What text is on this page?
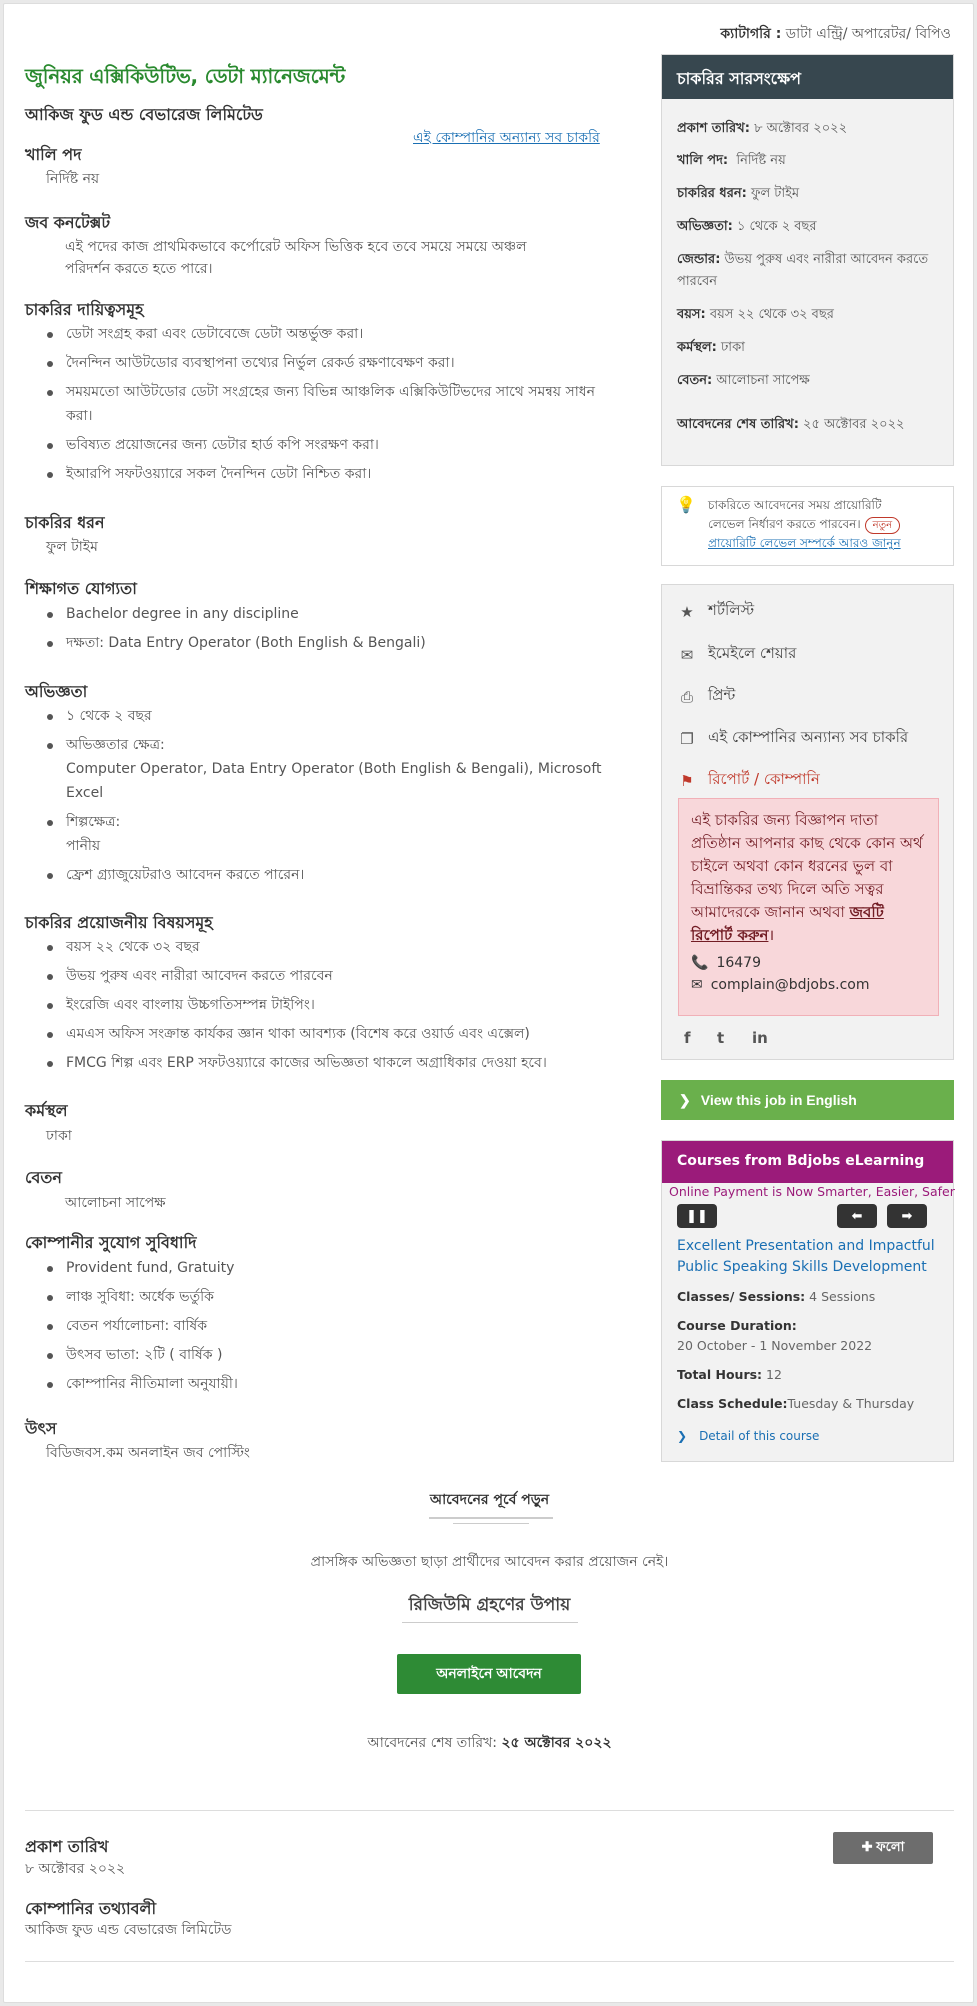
ক্যাটাগরি : ডাটা এন্ট্রি/ অপারেটর/ বিপিও
জুনিয়র এক্সিকিউটিভ, ডেটা ম্যানেজমেন্ট
আকিজ ফুড এন্ড বেভারেজ লিমিটেড
এই কোম্পানির অন্যান্য সব চাকরি
খালি পদ
নির্দিষ্ট নয়
জব কনটেক্সট
এই পদের কাজ প্রাথমিকভাবে কর্পোরেট অফিস ভিত্তিক হবে তবে সময়ে সময়ে অঞ্চল
পরিদর্শন করতে হতে পারে।
চাকরির দায়িত্বসমূহ
ডেটা সংগ্রহ করা এবং ডেটাবেজে ডেটা অন্তর্ভুক্ত করা।
দৈনন্দিন আউটডোর ব্যবস্থাপনা তথ্যের নির্ভুল রেকর্ড রক্ষণাবেক্ষণ করা।
সময়মতো আউটডোর ডেটা সংগ্রহের জন্য বিভিন্ন আঞ্চলিক এক্সিকিউটিভদের সাথে সমন্বয় সাধন করা।
ভবিষ্যত প্রয়োজনের জন্য ডেটার হার্ড কপি সংরক্ষণ করা।
ইআরপি সফটওয়্যারে সকল দৈনন্দিন ডেটা নিশ্চিত করা।
চাকরির ধরন
ফুল টাইম
শিক্ষাগত যোগ্যতা
Bachelor degree in any discipline
দক্ষতা: Data Entry Operator (Both English & Bengali)
অভিজ্ঞতা
১ থেকে ২ বছর
অভিজ্ঞতার ক্ষেত্র:
Computer Operator, Data Entry Operator (Both English & Bengali), Microsoft
Excel
শিল্পক্ষেত্র:
পানীয়
ফ্রেশ গ্র্যাজুয়েটরাও আবেদন করতে পারেন।
চাকরির প্রয়োজনীয় বিষয়সমূহ
বয়স ২২ থেকে ৩২ বছর
উভয় পুরুষ এবং নারীরা আবেদন করতে পারবেন
ইংরেজি এবং বাংলায় উচ্চগতিসম্পন্ন টাইপিং।
এমএস অফিস সংক্রান্ত কার্যকর জ্ঞান থাকা আবশ্যক (বিশেষ করে ওয়ার্ড এবং এক্সেল)
FMCG শিল্প এবং ERP সফটওয়্যারে কাজের অভিজ্ঞতা থাকলে অগ্রাধিকার দেওয়া হবে।
কর্মস্থল
ঢাকা
বেতন
আলোচনা সাপেক্ষ
কোম্পানীর সুযোগ সুবিধাদি
Provident fund, Gratuity
লাঞ্চ সুবিধা: অর্ধেক ভর্তুকি
বেতন পর্যালোচনা: বার্ষিক
উৎসব ভাতা: ২টি ( বার্ষিক )
কোম্পানির নীতিমালা অনুযায়ী।
উৎস
বিডিজবস.কম অনলাইন জব পোস্টিং
চাকরির সারসংক্ষেপ
প্রকাশ তারিখ: ৮ অক্টোবর ২০২২
খালি পদ: নির্দিষ্ট নয়
চাকরির ধরন: ফুল টাইম
অভিজ্ঞতা: ১ থেকে ২ বছর
জেন্ডার: উভয় পুরুষ এবং নারীরা আবেদন করতে পারবেন
বয়স: বয়স ২২ থেকে ৩২ বছর
কর্মস্থল: ঢাকা
বেতন: আলোচনা সাপেক্ষ
আবেদনের শেষ তারিখ: ২৫ অক্টোবর ২০২২
💡 চাকরিতে আবেদনের সময় প্রায়োরিটি
লেভেল নির্ধারণ করতে পারবেন। নতুন
প্রায়োরিটি লেভেল সম্পর্কে আরও জানুন
★ শর্টলিস্ট
✉ ইমেইলে শেয়ার
⎙ প্রিন্ট
❐ এই কোম্পানির অন্যান্য সব চাকরি
⚑ রিপোর্ট / কোম্পানি
এই চাকরির জন্য বিজ্ঞাপন দাতা প্রতিষ্ঠান আপনার কাছ থেকে কোন অর্থ চাইলে অথবা কোন ধরনের ভুল বা বিভ্রান্তিকর তথ্য দিলে অতি সত্বর আমাদেরকে জানান অথবা জবটি রিপোর্ট করুন।
📞 16479
✉ complain@bdjobs.com
f t in
❯ View this job in English
Courses from Bdjobs eLearning
Online Payment is Now Smarter, Easier, Safer
❚❚	⬅	➡
Excellent Presentation and Impactful Public Speaking Skills Development
Classes/ Sessions: 4 Sessions
Course Duration:
20 October - 1 November 2022
Total Hours: 12
Class Schedule:Tuesday & Thursday
❯ Detail of this course
আবেদনের পূর্বে পড়ুন
প্রাসঙ্গিক অভিজ্ঞতা ছাড়া প্রার্থীদের আবেদন করার প্রয়োজন নেই।
রিজিউমি গ্রহণের উপায়
অনলাইনে আবেদন
আবেদনের শেষ তারিখ: ২৫ অক্টোবর ২০২২
প্রকাশ তারিখ
৮ অক্টোবর ২০২২
✚ ফলো
কোম্পানির তথ্যাবলী
আকিজ ফুড এন্ড বেভারেজ লিমিটেড
